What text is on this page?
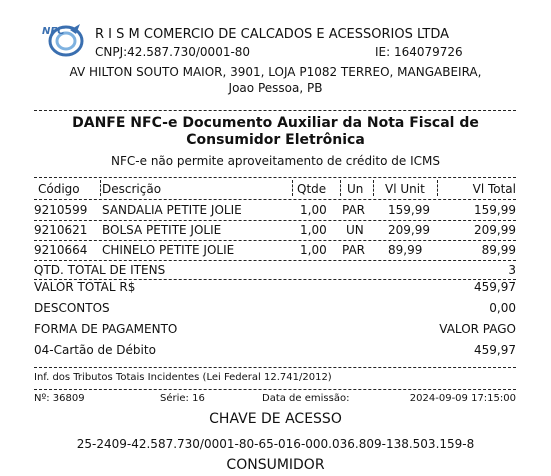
NFC R I S M COMERCIO DE CALCADOS E ACESSORIOS LTDA
CNPJ:42.587.730/0001-80	IE: 164079726
AV HILTON SOUTO MAIOR, 3901, LOJA P1082 TERREO, MANGABEIRA,
Joao Pessoa, PB
DANFE NFC-e Documento Auxiliar da Nota Fiscal de
Consumidor Eletrônica
NFC-e não permite aproveitamento de crédito de ICMS
Código Descrição	Qtde Un Vl Unit	Vl Total
9210599 SANDALIA PETITE JOLIE	1,00 PAR 159,99	159,99
9210621 BOLSA PETITE JOLIE	1,00 UN 209,99	209,99
9210664 CHINELO PETITE JOLIE	1,00 PAR 89,99	89,99
QTD. TOTAL DE ITENS	3
VALOR TOTAL R$	459,97
DESCONTOS	0,00
FORMA DE PAGAMENTO	VALOR PAGO
04-Cartão de Débito	459,97
Inf. dos Tributos Totais Incidentes (Lei Federal 12.741/2012)
Nº: 36809	Série: 16	Data de emissão:	2024-09-09 17:15:00
CHAVE DE ACESSO
25-2409-42.587.730/0001-80-65-016-000.036.809-138.503.159-8
CONSUMIDOR
